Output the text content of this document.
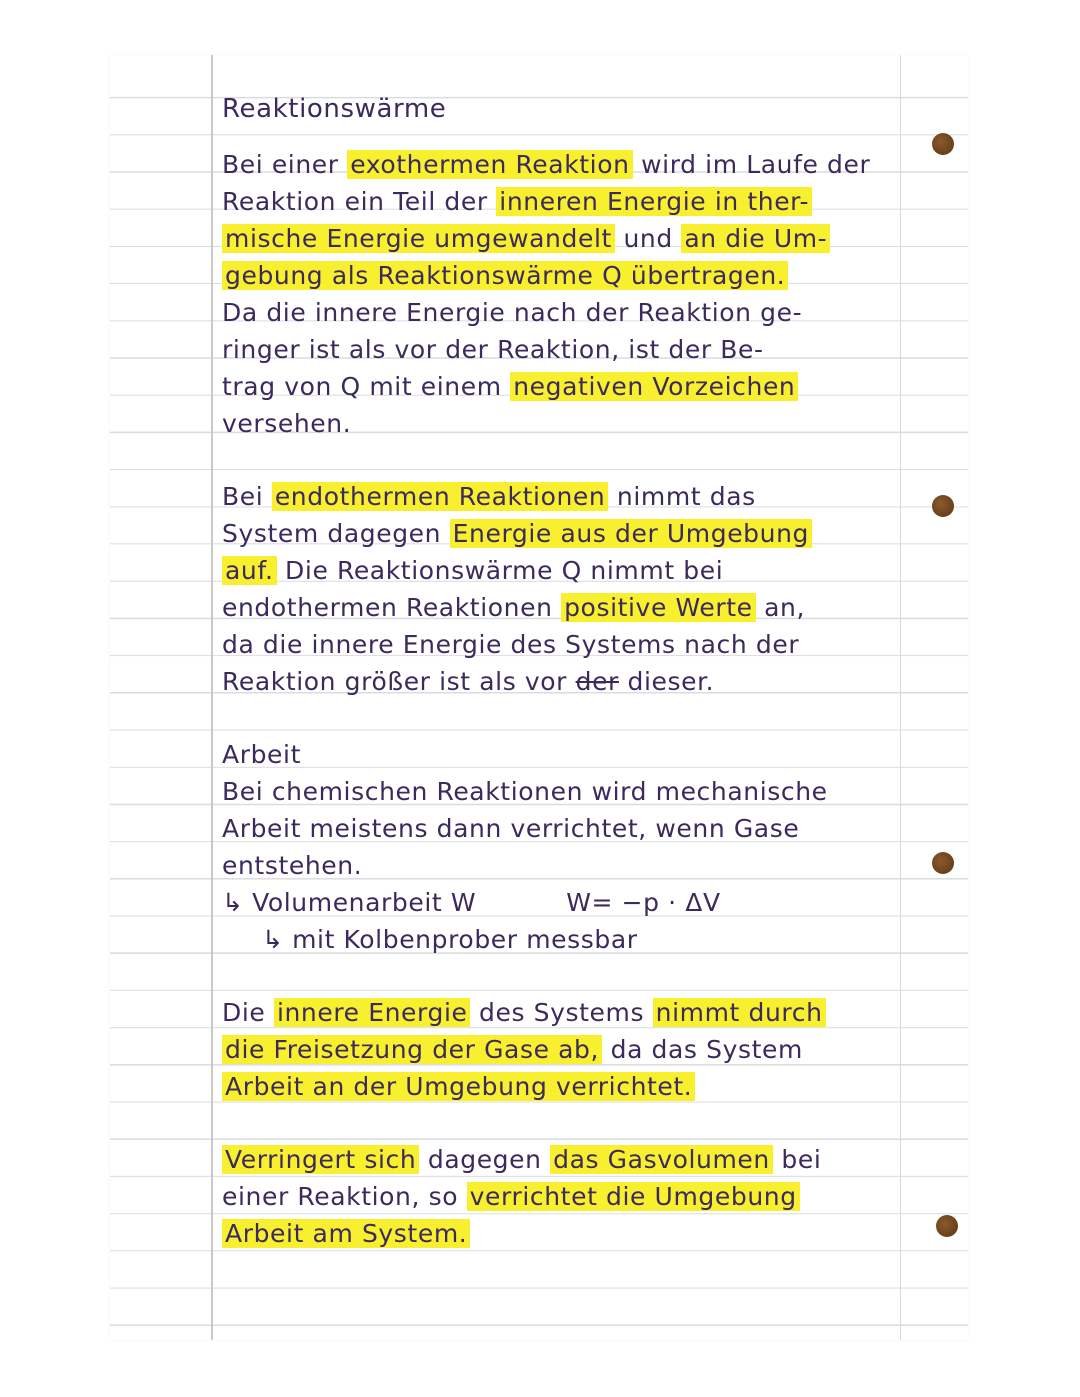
Reaktionswärme
Bei einer exothermen Reaktion wird im Laufe der
Reaktion ein Teil der inneren Energie in ther-
mische Energie umgewandelt und an die Um-
gebung als Reaktionswärme Q übertragen.
Da die innere Energie nach der Reaktion ge-
ringer ist als vor der Reaktion, ist der Be-
trag von Q mit einem negativen Vorzeichen
versehen.
Bei endothermen Reaktionen nimmt das
System dagegen Energie aus der Umgebung
auf. Die Reaktionswärme Q nimmt bei
endothermen Reaktionen positive Werte an,
da die innere Energie des Systems nach der
Reaktion größer ist als vor der dieser.
Arbeit
Bei chemischen Reaktionen wird mechanische
Arbeit meistens dann verrichtet, wenn Gase
entstehen.
↳ Volumenarbeit W	W= −p · ΔV
↳ mit Kolbenprober messbar
Die innere Energie des Systems nimmt durch
die Freisetzung der Gase ab, da das System
Arbeit an der Umgebung verrichtet.
Verringert sich dagegen das Gasvolumen bei
einer Reaktion, so verrichtet die Umgebung
Arbeit am System.
